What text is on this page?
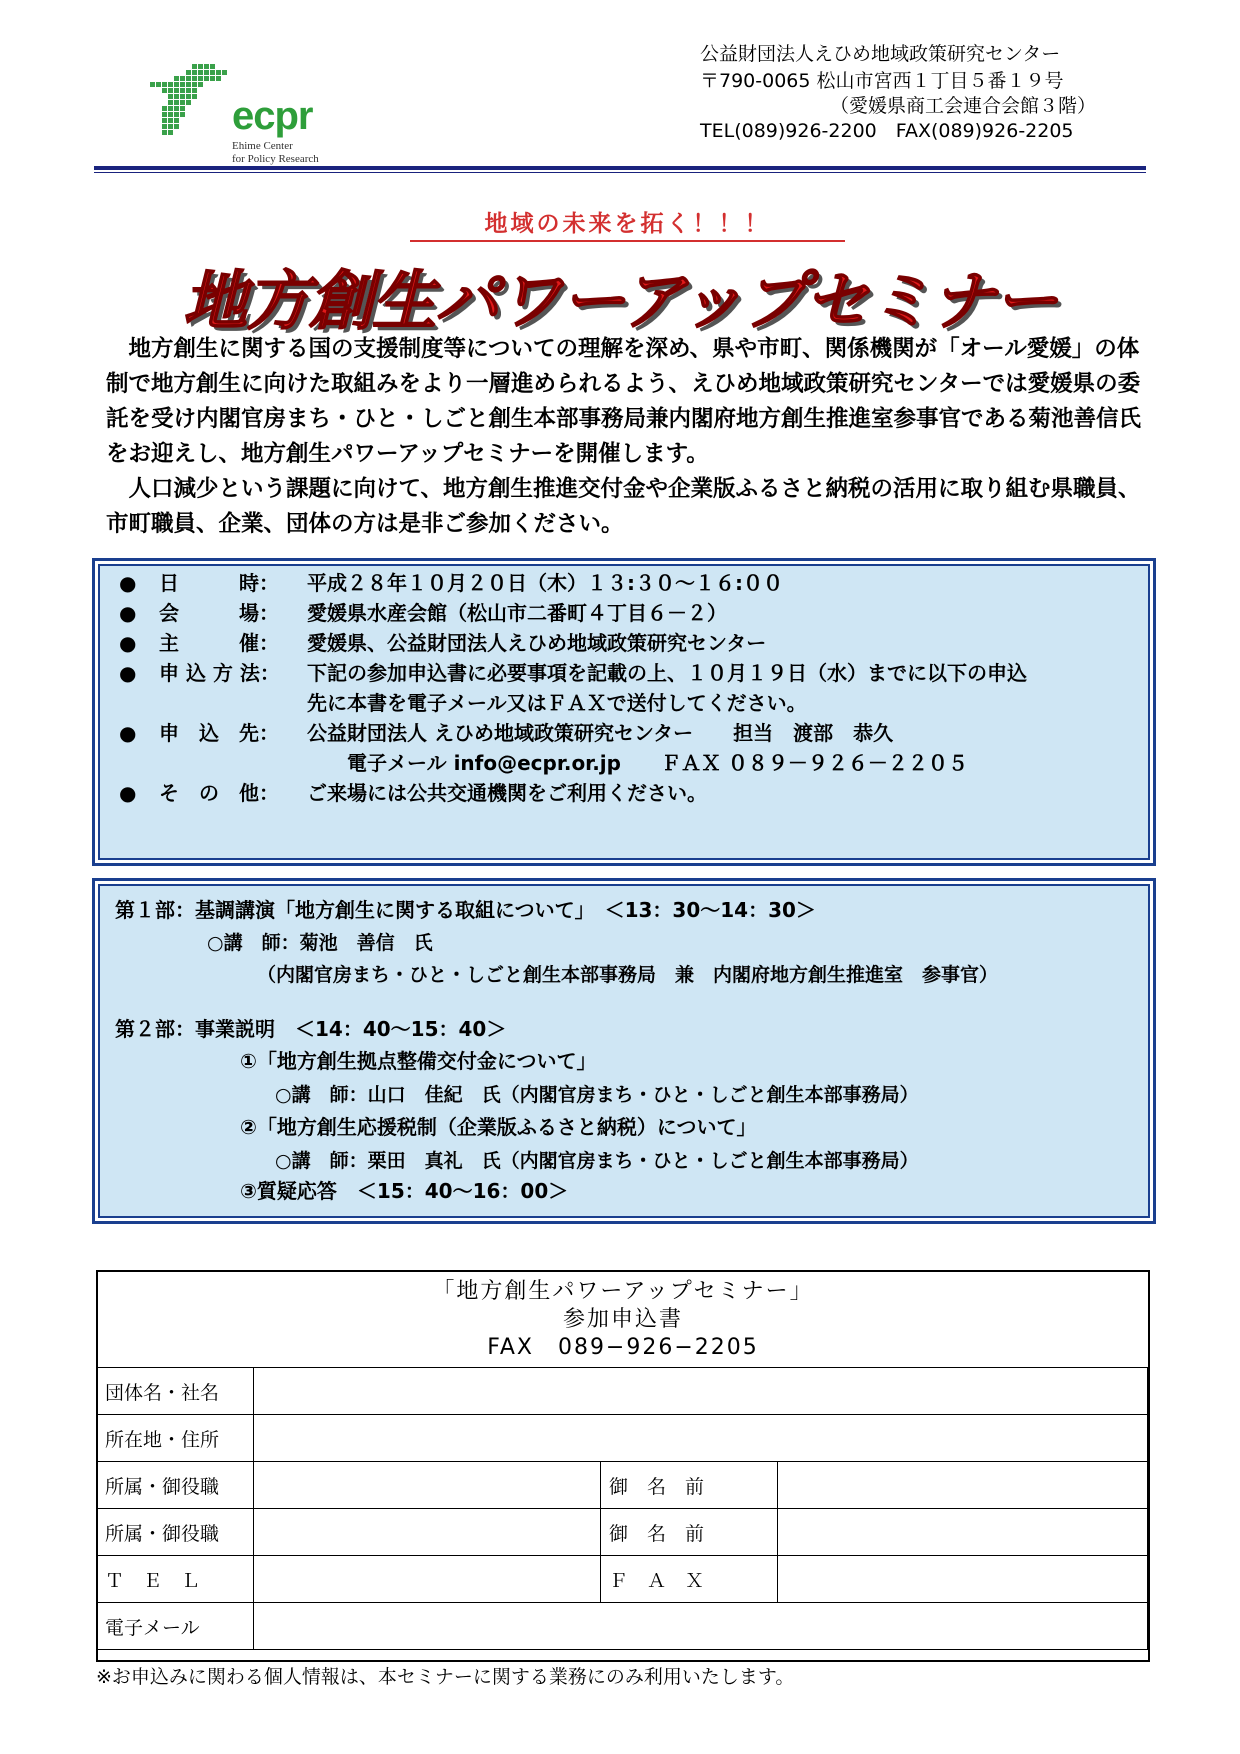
ecpr
Ehime Center
for Policy Research
公益財団法人えひめ地域政策研究センター
〒790-0065 松山市宮西１丁目５番１９号
（愛媛県商工会連合会館３階）
TEL(089)926-2200　FAX(089)926-2205
地域の未来を拓く！！！
地方創生パワーアップセミナー

地方創生に関する国の支援制度等についての理解を深め、県や市町、関係機関が「オール愛媛」の体制で地方創生に向けた取組みをより一層進められるよう、えひめ地域政策研究センターでは愛媛県の委託を受け内閣官房まち・ひと・しごと創生本部事務局兼内閣府地方創生推進室参事官である菊池善信氏をお迎えし、地方創生パワーアップセミナーを開催します。

人口減少という課題に向けて、地方創生推進交付金や企業版ふるさと納税の活用に取り組む県職員、市町職員、企業、団体の方は是非ご参加ください。

● 日　　　時： 平成２８年１０月２０日（木）１３:３０～１６:００
● 会　　　場： 愛媛県水産会館（松山市二番町４丁目６－２）
● 主　　　催： 愛媛県、公益財団法人えひめ地域政策研究センター
● 申 込 方 法： 下記の参加申込書に必要事項を記載の上、１０月１９日（水）までに以下の申込
先に本書を電子メール又はＦＡＸで送付してください。
● 申　込　先： 公益財団法人 えひめ地域政策研究センター　　担当　渡部　恭久
　　電子メール info@ecpr.or.jp　　ＦＡＸ ０８９－９２６－２２０５
● そ　の　他： ご来場には公共交通機関をご利用ください。
第１部：基調講演「地方創生に関する取組について」　＜13：30～14：30＞
○講　師：菊池　善信　氏
（内閣官房まち・ひと・しごと創生本部事務局　兼　内閣府地方創生推進室　参事官）
第２部：事業説明　＜14：40～15：40＞
①「地方創生拠点整備交付金について」
○講　師：山口　佳紀　氏（内閣官房まち・ひと・しごと創生本部事務局）
②「地方創生応援税制（企業版ふるさと納税）について」
○講　師：栗田　真礼　氏（内閣官房まち・ひと・しごと創生本部事務局）
③質疑応答　＜15：40～16：00＞
「地方創生パワーアップセミナー」
参加申込書
FAX　089−926−2205
団体名・社名			
所在地・住所			
所属・御役職		御　名　前	
所属・御役職		御　名　前	
Ｔ　Ｅ　Ｌ		Ｆ　Ａ　Ｘ	
電子メール			
※お申込みに関わる個人情報は、本セミナーに関する業務にのみ利用いたします。
